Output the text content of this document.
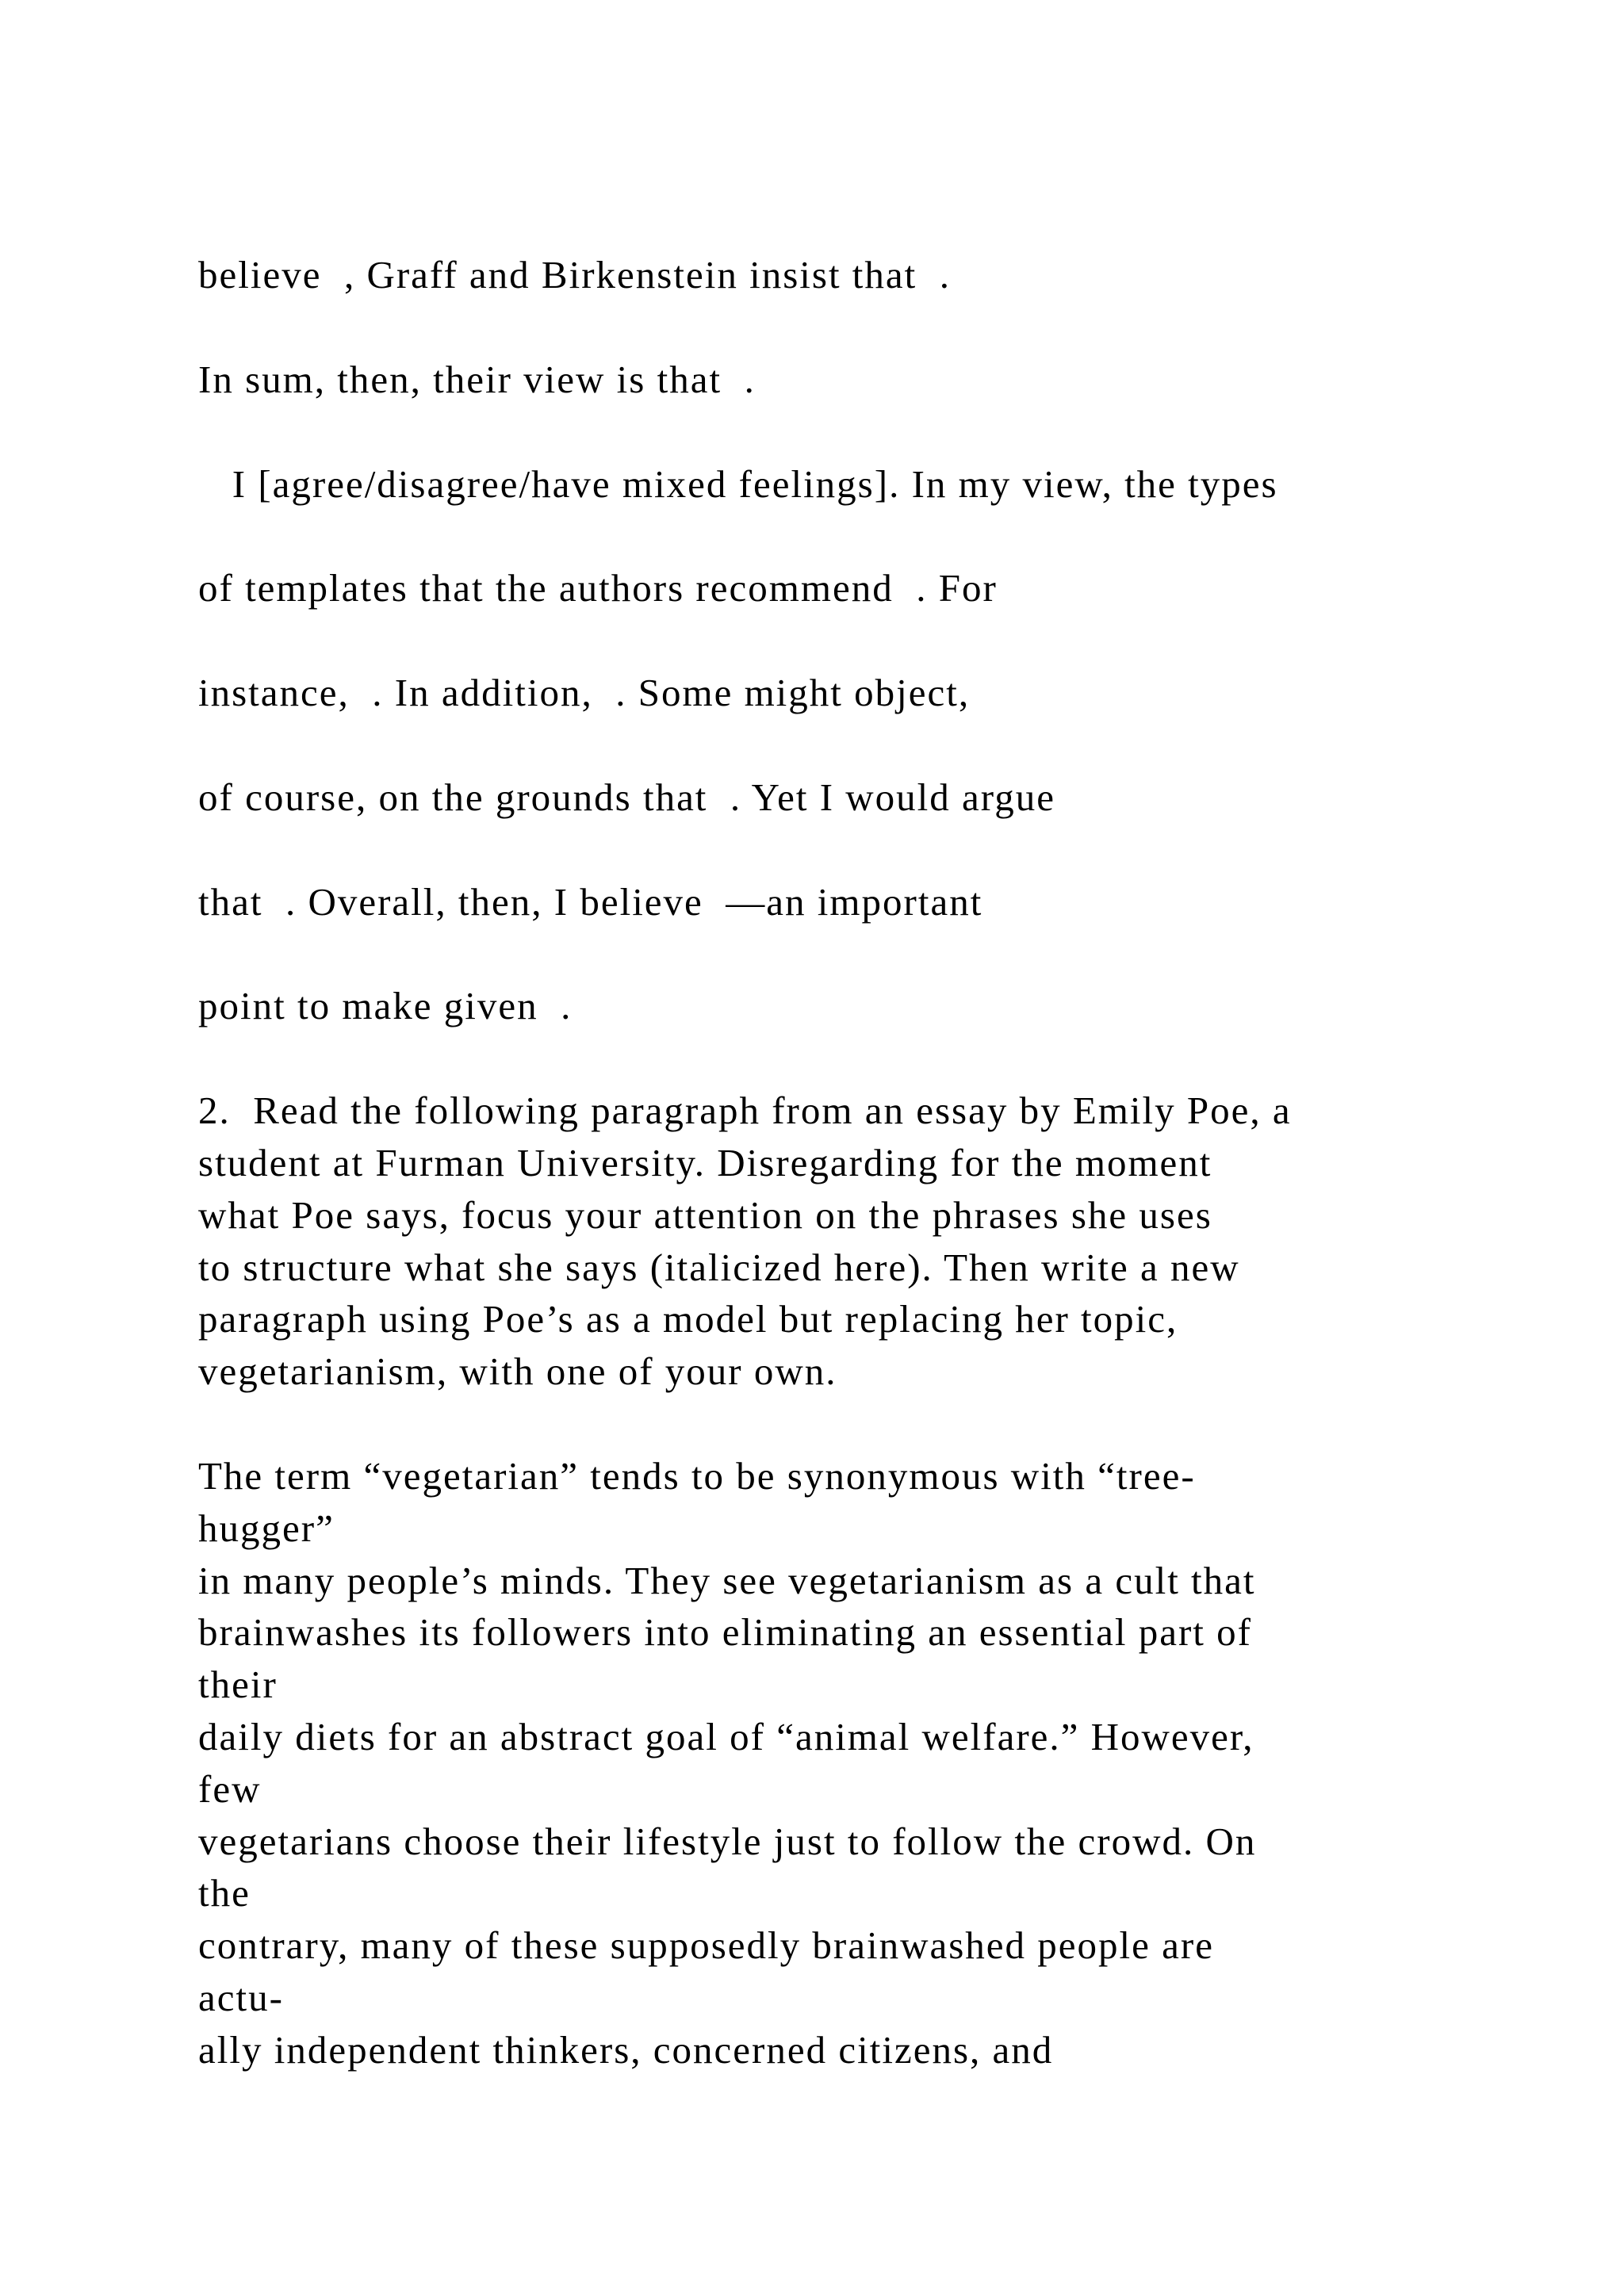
believe  , Graff and Birkenstein insist that  .
In sum, then, their view is that  .
I [agree/disagree/have mixed feelings]. In my view, the types
of templates that the authors recommend  . For
instance,  . In addition,  . Some might object,
of course, on the grounds that  . Yet I would argue
that  . Overall, then, I believe  —an important
point to make given  .
2.  Read the following paragraph from an essay by Emily Poe, a
student at Furman University. Disregarding for the moment
what Poe says, focus your attention on the phrases she uses
to structure what she says (italicized here). Then write a new
paragraph using Poe’s as a model but replacing her topic,
vegetarianism, with one of your own.
The term “vegetarian” tends to be synonymous with “tree-
hugger”
in many people’s minds. They see vegetarianism as a cult that
brainwashes its followers into eliminating an essential part of
their
daily diets for an abstract goal of “animal welfare.” However,
few
vegetarians choose their lifestyle just to follow the crowd. On
the
contrary, many of these supposedly brainwashed people are
actu-
ally independent thinkers, concerned citizens, and
